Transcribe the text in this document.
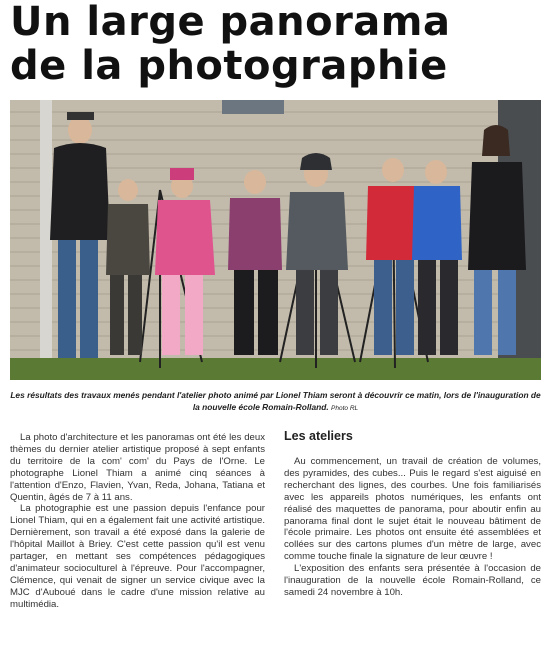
Un large panorama
de la photographie
Les résultats des travaux menés pendant l'atelier photo animé par Lionel Thiam seront à découvrir ce matin, lors de l'inauguration de la nouvelle école Romain-Rolland. Photo RL

La photo d'architecture et les panoramas ont été les deux thèmes du dernier atelier artistique proposé à sept enfants du territoire de la com' com' du Pays de l'Orne. Le photographe Lionel Thiam a animé cinq séances à l'attention d'Enzo, Flavien, Yvan, Reda, Johana, Tatiana et Quentin, âgés de 7 à 11 ans.

La photographie est une passion depuis l'enfance pour Lionel Thiam, qui en a également fait une activité artistique. Dernièrement, son travail a été exposé dans la galerie de l'hôpital Maillot à Briey. C'est cette passion qu'il est venu partager, en mettant ses compétences pédagogiques d'animateur socioculturel à l'épreuve. Pour l'accompagner, Clémence, qui venait de signer un service civique avec la MJC d'Auboué dans le cadre d'une mission relative au multimédia.

Les ateliers

Au commencement, un travail de création de volumes, des pyramides, des cubes... Puis le regard s'est aiguisé en recherchant des lignes, des courbes. Une fois familiarisés avec les appareils photos numériques, les enfants ont réalisé des maquettes de panorama, pour aboutir enfin au panorama final dont le sujet était le nouveau bâtiment de l'école primaire. Les photos ont ensuite été assemblées et collées sur des cartons plumes d'un mètre de large, avec comme touche finale la signature de leur œuvre !

L'exposition des enfants sera présentée à l'occasion de l'inauguration de la nouvelle école Romain-Rolland, ce samedi 24 novembre à 10h.
